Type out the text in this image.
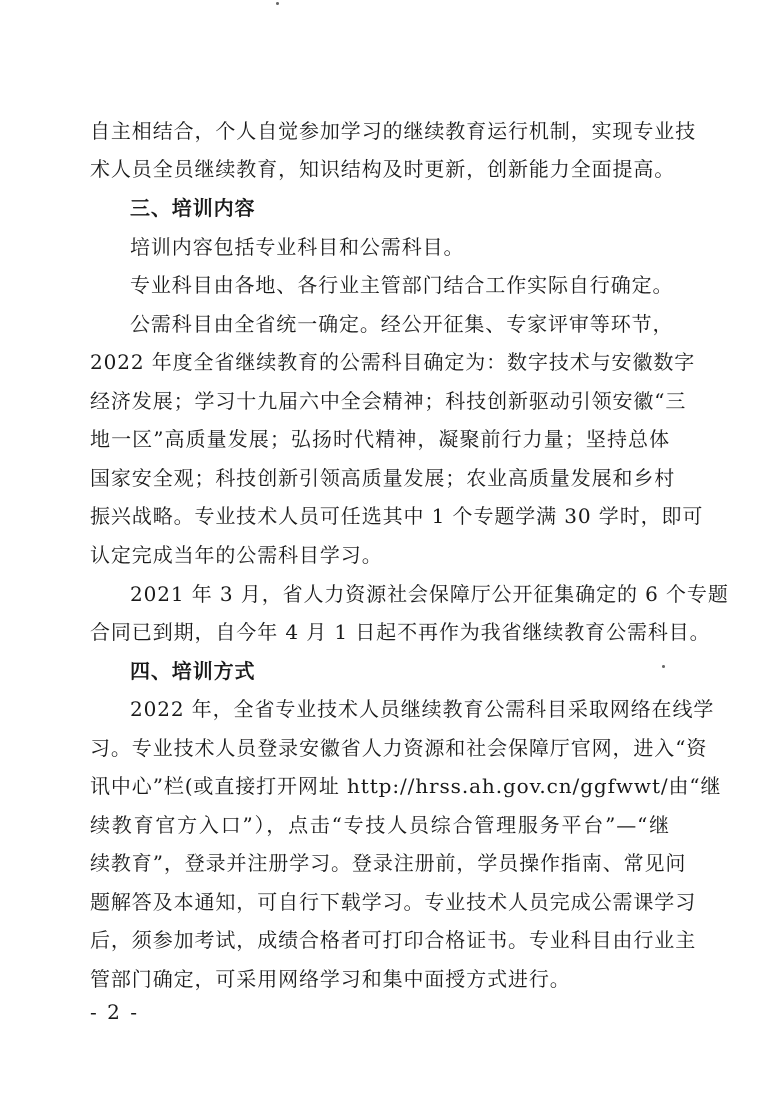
自主相结合，个人自觉参加学习的继续教育运行机制，实现专业技
术人员全员继续教育，知识结构及时更新，创新能力全面提高。
三、培训内容
培训内容包括专业科目和公需科目。
专业科目由各地、各行业主管部门结合工作实际自行确定。
公需科目由全省统一确定。经公开征集、专家评审等环节，
2022 年度全省继续教育的公需科目确定为：数字技术与安徽数字
经济发展；学习十九届六中全会精神；科技创新驱动引领安徽“三
地一区”高质量发展；弘扬时代精神，凝聚前行力量；坚持总体
国家安全观；科技创新引领高质量发展；农业高质量发展和乡村
振兴战略。专业技术人员可任选其中 1 个专题学满 30 学时，即可
认定完成当年的公需科目学习。
2021 年 3 月，省人力资源社会保障厅公开征集确定的 6 个专题
合同已到期，自今年 4 月 1 日起不再作为我省继续教育公需科目。
四、培训方式
2022 年，全省专业技术人员继续教育公需科目采取网络在线学
习。专业技术人员登录安徽省人力资源和社会保障厅官网，进入“资
讯中心”栏(或直接打开网址 http://hrss.ah.gov.cn/ggfwwt/由“继
续教育官方入口”），点击“专技人员综合管理服务平台”—“继
续教育”，登录并注册学习。登录注册前，学员操作指南、常见问
题解答及本通知，可自行下载学习。专业技术人员完成公需课学习
后，须参加考试，成绩合格者可打印合格证书。专业科目由行业主
管部门确定，可采用网络学习和集中面授方式进行。
- 2 -
